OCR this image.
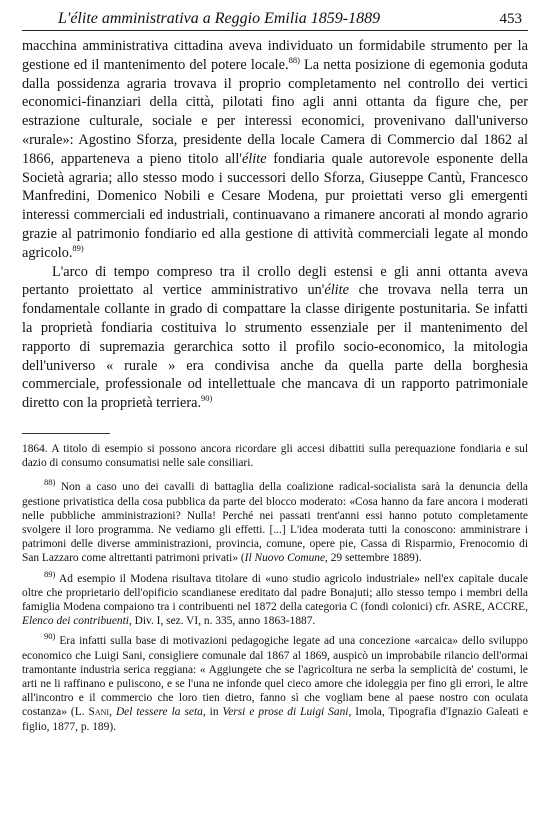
L'élite amministrativa a Reggio Emilia 1859-1889	453

macchina amministrativa cittadina aveva individuato un formidabile strumento per la gestione ed il mantenimento del potere locale.$^{88)}$ La netta posizione di egemonia goduta dalla possidenza agraria trovava il proprio completamento nel controllo dei vertici economici-finanziari della città, pilotati fino agli anni ottanta da figure che, per estrazione culturale, sociale e per interessi economici, provenivano dall'universo «rurale»: Agostino Sforza, presidente della locale Camera di Commercio dal 1862 al 1866, apparteneva a pieno titolo all'élite fondiaria quale autorevole esponente della Società agraria; allo stesso modo i successori dello Sforza, Giuseppe Cantù, Francesco Manfredini, Domenico Nobili e Cesare Modena, pur proiettati verso gli emergenti interessi commerciali ed industriali, continuavano a rimanere ancorati al mondo agrario grazie al patrimonio fondiario ed alla gestione di attività commerciali legate al mondo agricolo.$^{89)}$

L'arco di tempo compreso tra il crollo degli estensi e gli anni ottanta aveva pertanto proiettato al vertice amministrativo un'élite che trovava nella terra un fondamentale collante in grado di compattare la classe dirigente postunitaria. Se infatti la proprietà fondiaria costituiva lo strumento essenziale per il mantenimento del rapporto di supremazia gerarchica sotto il profilo socio-economico, la mitologia dell'universo « rurale » era condivisa anche da quella parte della borghesia commerciale, professionale od intellettuale che mancava di un rapporto patrimoniale diretto con la proprietà terriera.$^{90)}$

1864. A titolo di esempio si possono ancora ricordare gli accesi dibattiti sulla perequazione fondiaria e sul dazio di consumo consumatisi nelle sale consiliari.

$^{88)}$ Non a caso uno dei cavalli di battaglia della coalizione radical-socialista sarà la denuncia della gestione privatistica della cosa pubblica da parte del blocco moderato: «Cosa hanno da fare ancora i moderati nelle pubbliche amministrazioni? Nulla! Perché nei passati trent'anni essi hanno potuto completamente svolgere il loro programma. Ne vediamo gli effetti. [...] L'idea moderata tutti la conoscono: amministrare i patrimoni delle diverse amministrazioni, provincia, comune, opere pie, Cassa di Risparmio, Frenocomio di San Lazzaro come altrettanti patrimoni privati» (Il Nuovo Comune, 29 settembre 1889).

$^{89)}$ Ad esempio il Modena risultava titolare di «uno studio agricolo industriale» nell'ex capitale ducale oltre che proprietario dell'opificio scandianese ereditato dal padre Bonajuti; allo stesso tempo i membri della famiglia Modena compaiono tra i contribuenti nel 1872 della categoria C (fondi colonici) cfr. ASRE, ACCRE, Elenco dei contribuenti, Div. I, sez. VI, n. 335, anno 1863-1887.

$^{90)}$ Era infatti sulla base di motivazioni pedagogiche legate ad una concezione «arcaica» dello sviluppo economico che Luigi Sani, consigliere comunale dal 1867 al 1869, auspicò un improbabile rilancio dell'ormai tramontante industria serica reggiana: « Aggiungete che se l'agricoltura ne serba la semplicità de' costumi, le arti ne li raffinano e puliscono, e se l'una ne infonde quel cieco amore che idoleggia per fino gli errori, le altre all'incontro e il commercio che loro tien dietro, fanno sì che vogliam bene al paese nostro con oculata costanza» (L. Sani, Del tessere la seta, in Versi e prose di Luigi Sani, Imola, Tipografia d'Ignazio Galeati e figlio, 1877, p. 189).
